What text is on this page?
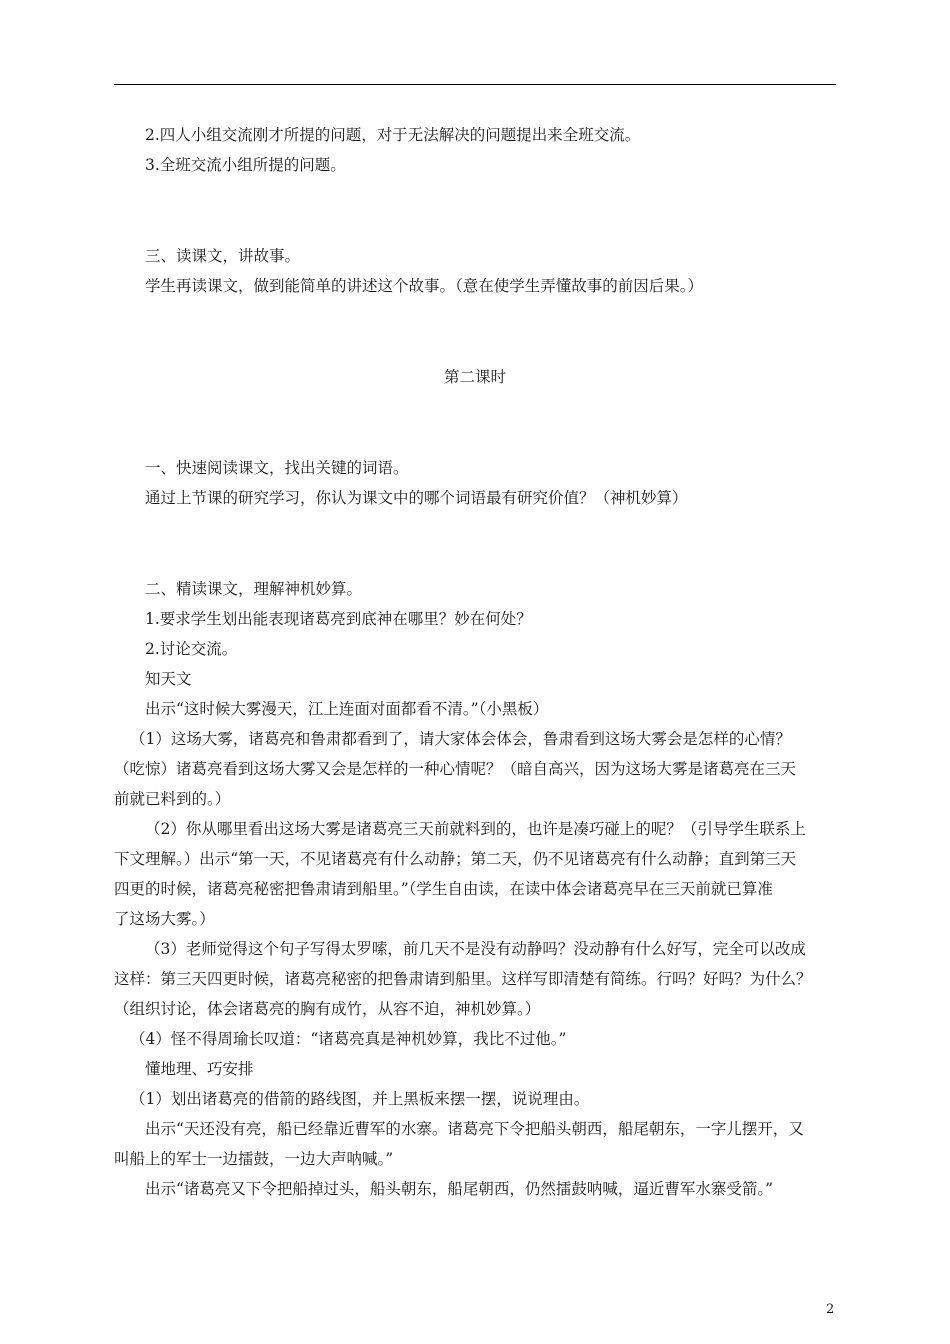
2.四人小组交流刚才所提的问题，对于无法解决的问题提出来全班交流。

3.全班交流小组所提的问题。

三、读课文，讲故事。

学生再读课文，做到能简单的讲述这个故事。（意在使学生弄懂故事的前因后果。）

第二课时

一、快速阅读课文，找出关键的词语。

通过上节课的研究学习，你认为课文中的哪个词语最有研究价值？（神机妙算）

二、精读课文，理解神机妙算。

1.要求学生划出能表现诸葛亮到底神在哪里？妙在何处？

2.讨论交流。

知天文

出示“这时候大雾漫天，江上连面对面都看不清。”（小黑板）

（1）这场大雾，诸葛亮和鲁肃都看到了，请大家体会体会，鲁肃看到这场大雾会是怎样的心情？

（吃惊）诸葛亮看到这场大雾又会是怎样的一种心情呢？（暗自高兴，因为这场大雾是诸葛亮在三天

前就已料到的。）

（2）你从哪里看出这场大雾是诸葛亮三天前就料到的，也许是凑巧碰上的呢？（引导学生联系上

下文理解。）出示“第一天，不见诸葛亮有什么动静；第二天，仍不见诸葛亮有什么动静；直到第三天

四更的时候，诸葛亮秘密把鲁肃请到船里。”（学生自由读，在读中体会诸葛亮早在三天前就已算准

了这场大雾。）

（3）老师觉得这个句子写得太罗嗦，前几天不是没有动静吗？没动静有什么好写，完全可以改成

这样：第三天四更时候，诸葛亮秘密的把鲁肃请到船里。这样写即清楚有简练。行吗？好吗？为什么？

（组织讨论，体会诸葛亮的胸有成竹，从容不迫，神机妙算。）

（4）怪不得周瑜长叹道：“诸葛亮真是神机妙算，我比不过他。”

懂地理、巧安排

（1）划出诸葛亮的借箭的路线图，并上黑板来摆一摆，说说理由。

出示“天还没有亮，船已经靠近曹军的水寨。诸葛亮下令把船头朝西，船尾朝东，一字儿摆开，又

叫船上的军士一边擂鼓，一边大声呐喊。”

出示“诸葛亮又下令把船掉过头，船头朝东，船尾朝西，仍然擂鼓呐喊，逼近曹军水寨受箭。”

2
